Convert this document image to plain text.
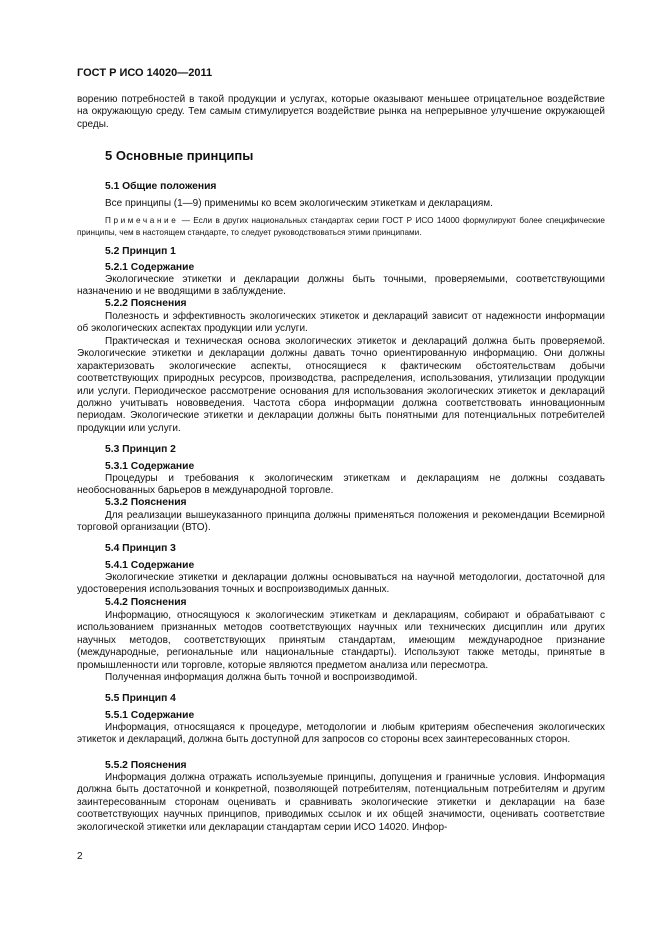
ГОСТ Р ИСО 14020—2011

ворению потребностей в такой продукции и услугах, которые оказывают меньшее отрицательное воздействие на окружающую среду. Тем самым стимулируется воздействие рынка на непрерывное улучшение окружающей среды.

5 Основные принципы
5.1 Общие положения

Все принципы (1—9) применимы ко всем экологическим этикеткам и декларациям.

Примечание — Если в других национальных стандартах серии ГОСТ Р ИСО 14000 формулируют более специфические принципы, чем в настоящем стандарте, то следует руководствоваться этими принципами.

5.2 Принцип 1
5.2.1 Содержание

Экологические этикетки и декларации должны быть точными, проверяемыми, соответствующими назначению и не вводящими в заблуждение.

5.2.2 Пояснения

Полезность и эффективность экологических этикеток и деклараций зависит от надежности информации об экологических аспектах продукции или услуги.

Практическая и техническая основа экологических этикеток и деклараций должна быть проверяемой. Экологические этикетки и декларации должны давать точно ориентированную информацию. Они должны характеризовать экологические аспекты, относящиеся к фактическим обстоятельствам добычи соответствующих природных ресурсов, производства, распределения, использования, утилизации продукции или услуги. Периодическое рассмотрение основания для использования экологических этикеток и деклараций должно учитывать нововведения. Частота сбора информации должна соответствовать инновационным периодам. Экологические этикетки и декларации должны быть понятными для потенциальных потребителей продукции или услуги.

5.3 Принцип 2
5.3.1 Содержание

Процедуры и требования к экологическим этикеткам и декларациям не должны создавать необоснованных барьеров в международной торговле.

5.3.2 Пояснения

Для реализации вышеуказанного принципа должны применяться положения и рекомендации Всемирной торговой организации (ВТО).

5.4 Принцип 3
5.4.1 Содержание

Экологические этикетки и декларации должны основываться на научной методологии, достаточной для удостоверения использования точных и воспроизводимых данных.

5.4.2 Пояснения

Информацию, относящуюся к экологическим этикеткам и декларациям, собирают и обрабатывают с использованием признанных методов соответствующих научных или технических дисциплин или других научных методов, соответствующих принятым стандартам, имеющим международное признание (международные, региональные или национальные стандарты). Используют также методы, принятые в промышленности или торговле, которые являются предметом анализа или пересмотра.

Полученная информация должна быть точной и воспроизводимой.

5.5 Принцип 4
5.5.1 Содержание

Информация, относящаяся к процедуре, методологии и любым критериям обеспечения экологических этикеток и деклараций, должна быть доступной для запросов со стороны всех заинтересованных сторон.

5.5.2 Пояснения

Информация должна отражать используемые принципы, допущения и граничные условия. Информация должна быть достаточной и конкретной, позволяющей потребителям, потенциальным потребителям и другим заинтересованным сторонам оценивать и сравнивать экологические этикетки и декларации на базе соответствующих научных принципов, приводимых ссылок и их общей значимости, оценивать соответствие экологической этикетки или декларации стандартам серии ИСО 14020. Инфор-

2
